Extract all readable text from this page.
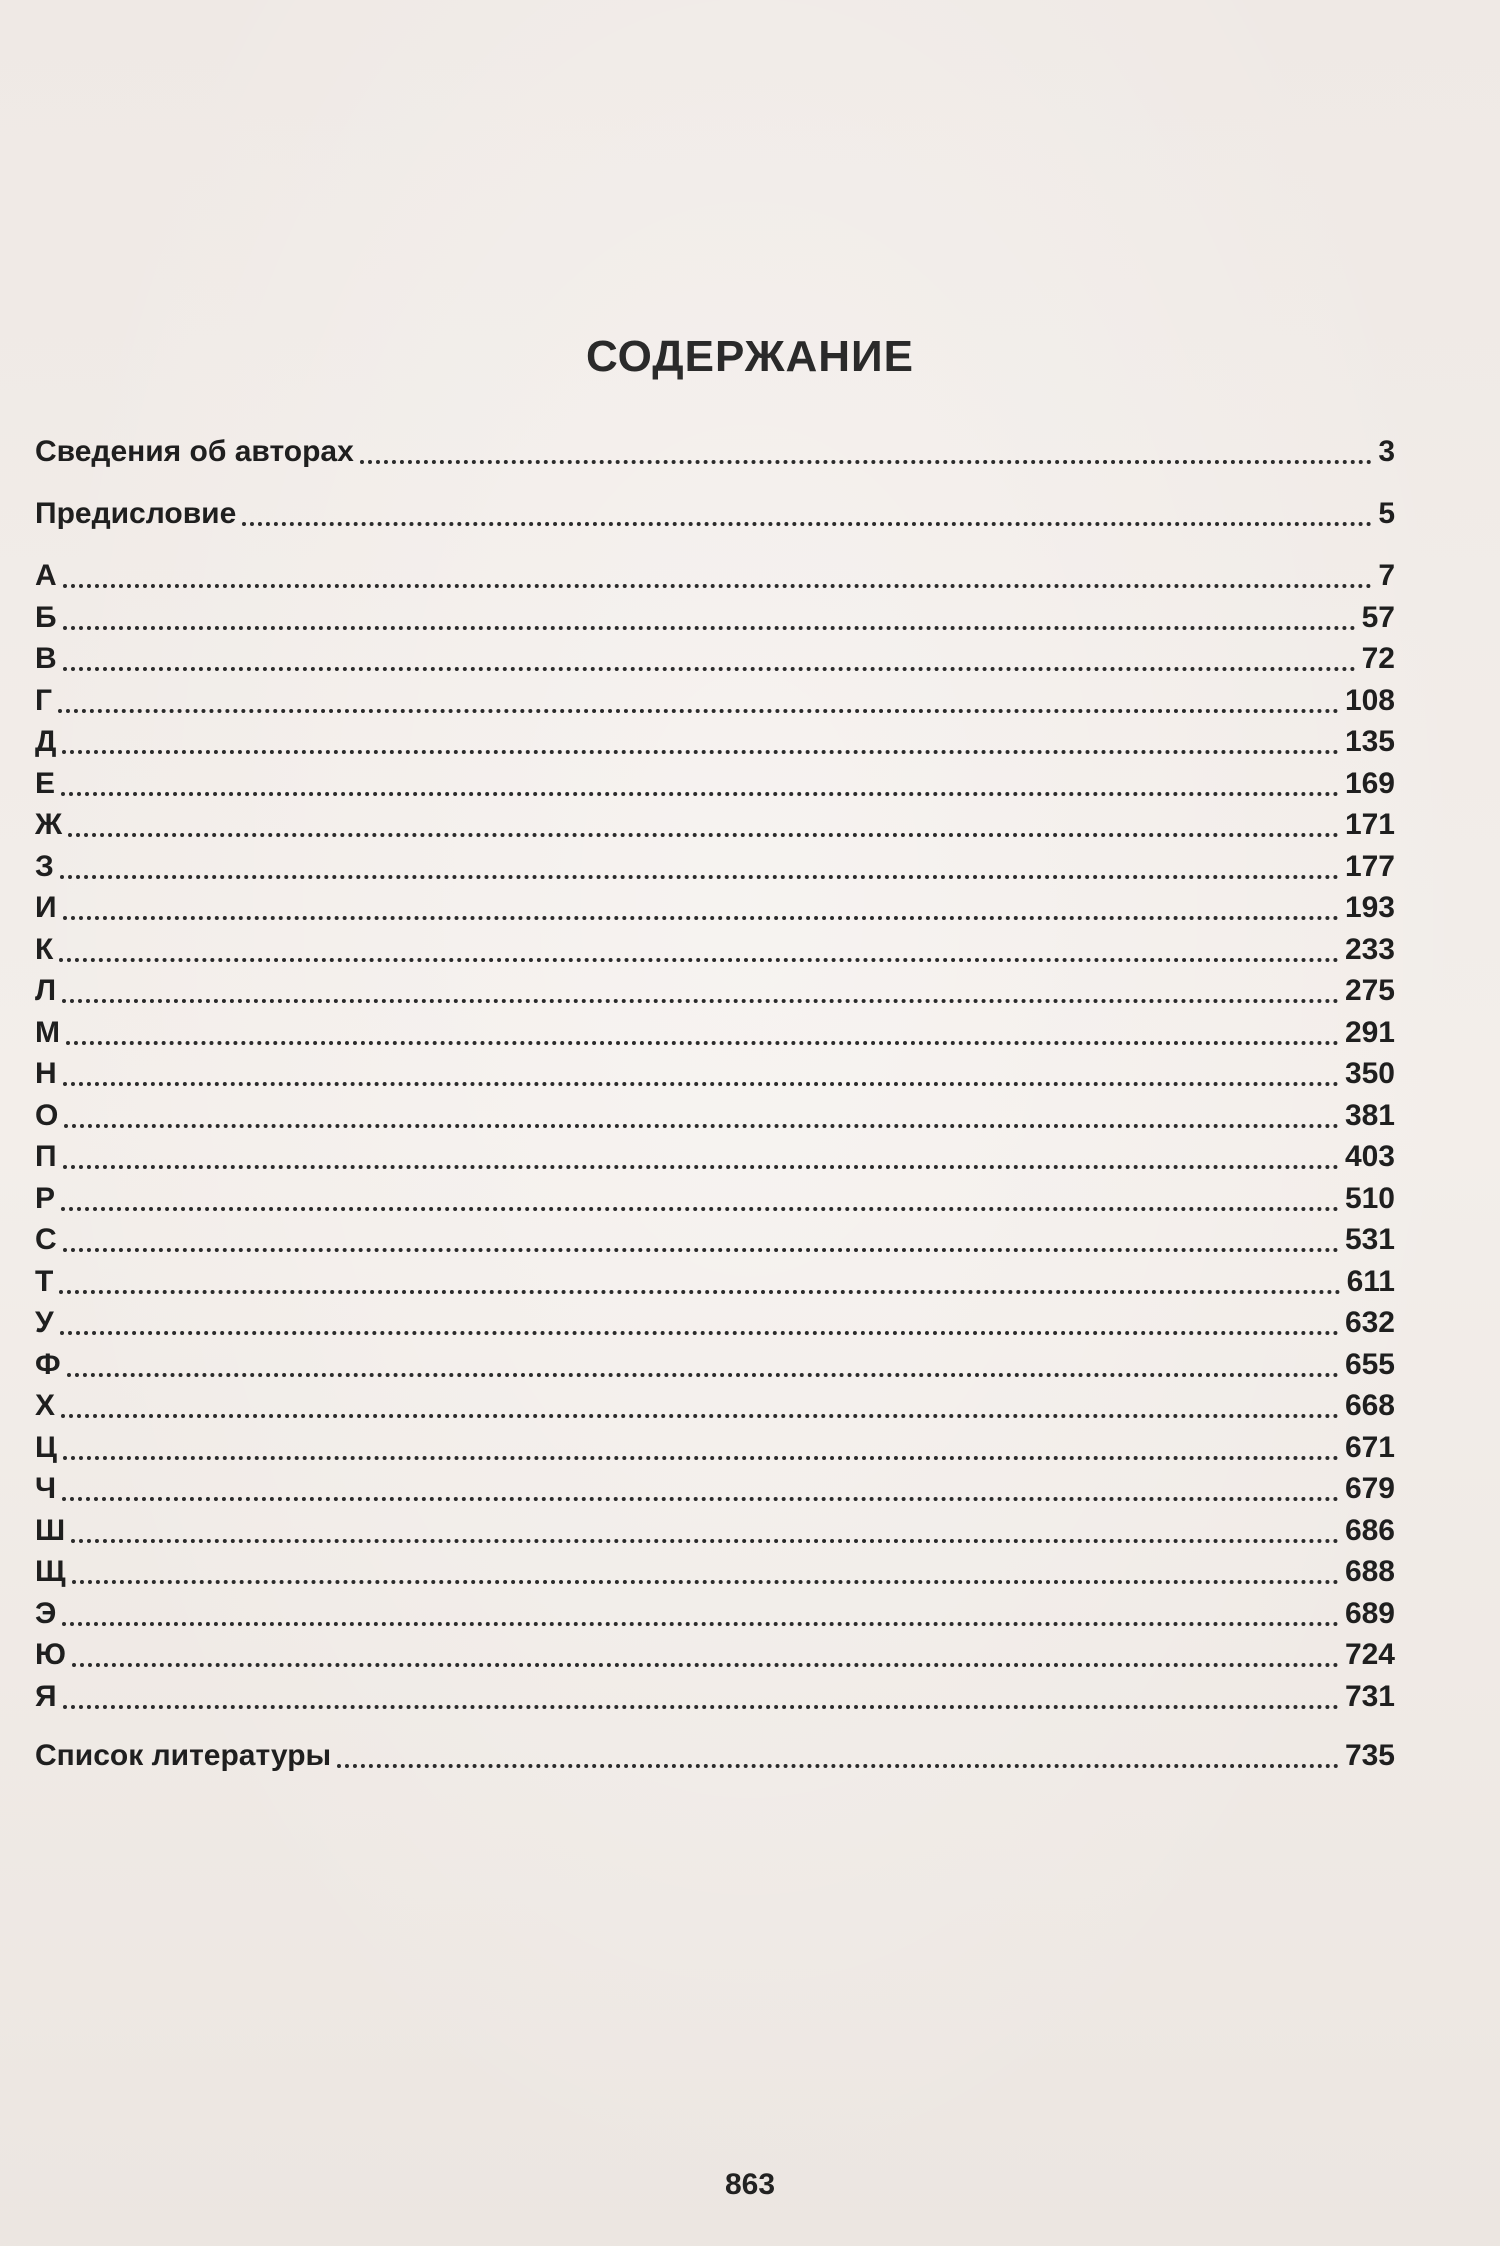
СОДЕРЖАНИЕ
Сведения об авторах	3
Предисловие	5
А	7
Б	57
В	72
Г	108
Д	135
Е	169
Ж	171
З	177
И	193
К	233
Л	275
М	291
Н	350
О	381
П	403
Р	510
С	531
Т	611
У	632
Ф	655
Х	668
Ц	671
Ч	679
Ш	686
Щ	688
Э	689
Ю	724
Я	731
Список литературы	735
863
